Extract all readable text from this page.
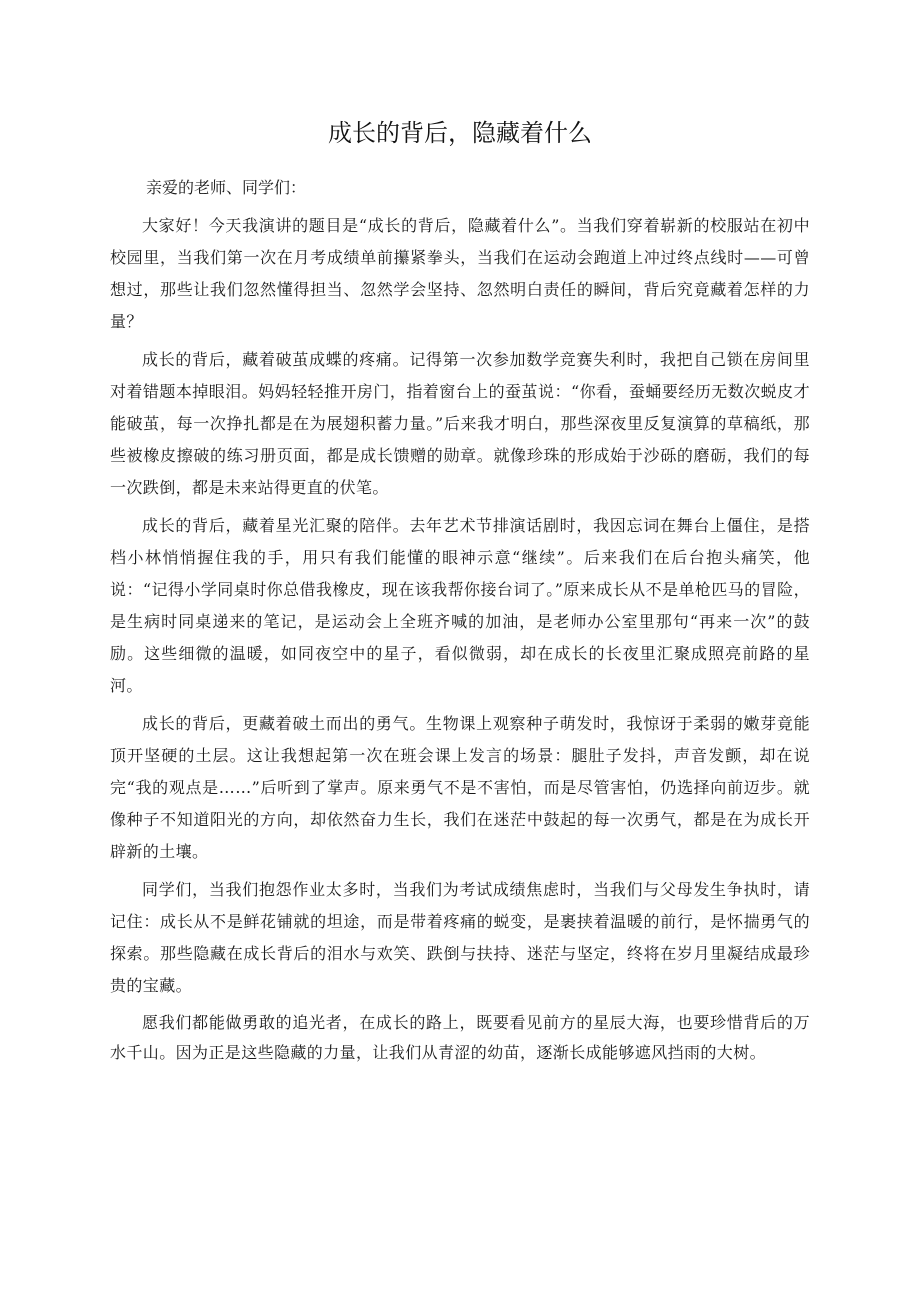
成长的背后，隐藏着什么

亲爱的老师、同学们：

大家好！今天我演讲的题目是“成长的背后，隐藏着什么”。当我们穿着崭新的校服站在初中校园里，当我们第一次在月考成绩单前攥紧拳头，当我们在运动会跑道上冲过终点线时——可曾想过，那些让我们忽然懂得担当、忽然学会坚持、忽然明白责任的瞬间，背后究竟藏着怎样的力量？

成长的背后，藏着破茧成蝶的疼痛。记得第一次参加数学竞赛失利时，我把自己锁在房间里对着错题本掉眼泪。妈妈轻轻推开房门，指着窗台上的蚕茧说：“你看，蚕蛹要经历无数次蜕皮才能破茧，每一次挣扎都是在为展翅积蓄力量。”后来我才明白，那些深夜里反复演算的草稿纸，那些被橡皮擦破的练习册页面，都是成长馈赠的勋章。就像珍珠的形成始于沙砾的磨砺，我们的每一次跌倒，都是未来站得更直的伏笔。

成长的背后，藏着星光汇聚的陪伴。去年艺术节排演话剧时，我因忘词在舞台上僵住，是搭档小林悄悄握住我的手，用只有我们能懂的眼神示意“继续”。后来我们在后台抱头痛笑，他说：“记得小学同桌时你总借我橡皮，现在该我帮你接台词了。”原来成长从不是单枪匹马的冒险，是生病时同桌递来的笔记，是运动会上全班齐喊的加油，是老师办公室里那句“再来一次”的鼓励。这些细微的温暖，如同夜空中的星子，看似微弱，却在成长的长夜里汇聚成照亮前路的星河。

成长的背后，更藏着破土而出的勇气。生物课上观察种子萌发时，我惊讶于柔弱的嫩芽竟能顶开坚硬的土层。这让我想起第一次在班会课上发言的场景：腿肚子发抖，声音发颤，却在说完“我的观点是……”后听到了掌声。原来勇气不是不害怕，而是尽管害怕，仍选择向前迈步。就像种子不知道阳光的方向，却依然奋力生长，我们在迷茫中鼓起的每一次勇气，都是在为成长开辟新的土壤。

同学们，当我们抱怨作业太多时，当我们为考试成绩焦虑时，当我们与父母发生争执时，请记住：成长从不是鲜花铺就的坦途，而是带着疼痛的蜕变，是裹挟着温暖的前行，是怀揣勇气的探索。那些隐藏在成长背后的泪水与欢笑、跌倒与扶持、迷茫与坚定，终将在岁月里凝结成最珍贵的宝藏。

愿我们都能做勇敢的追光者，在成长的路上，既要看见前方的星辰大海，也要珍惜背后的万水千山。因为正是这些隐藏的力量，让我们从青涩的幼苗，逐渐长成能够遮风挡雨的大树。
